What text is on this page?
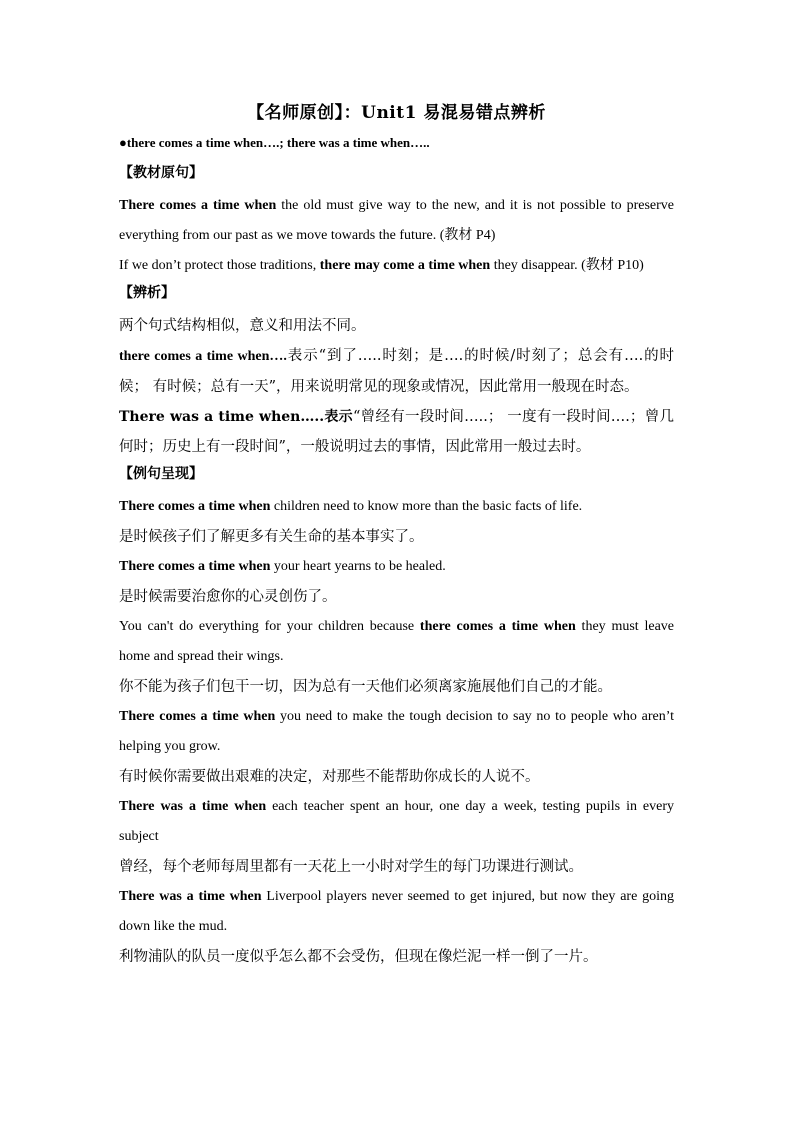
【名师原创】：Unit1 易混易错点辨析
●there comes a time when….; there was a time when…..
【教材原句】

There comes a time when the old must give way to the new, and it is not possible to preserve everything from our past as we move towards the future. (教材 P4)

If we don’t protect those traditions, there may come a time when they disappear. (教材 P10)

【辨析】

两个句式结构相似，意义和用法不同。

there comes a time when….表示“到了…..时刻；是….的时候/时刻了；总会有….的时候； 有时候；总有一天”，用来说明常见的现象或情况，因此常用一般现在时态。

There was a time when…..表示“曾经有一段时间…..； 一度有一段时间….；曾几何时；历史上有一段时间”，一般说明过去的事情，因此常用一般过去时。

【例句呈现】

There comes a time when children need to know more than the basic facts of life.

是时候孩子们了解更多有关生命的基本事实了。

There comes a time when your heart yearns to be healed.

是时候需要治愈你的心灵创伤了。

You can't do everything for your children because there comes a time when they must leave home and spread their wings.

你不能为孩子们包干一切，因为总有一天他们必须离家施展他们自己的才能。

There comes a time when you need to make the tough decision to say no to people who aren’t helping you grow.

有时候你需要做出艰难的决定，对那些不能帮助你成长的人说不。

There was a time when each teacher spent an hour, one day a week, testing pupils in every subject

曾经，每个老师每周里都有一天花上一小时对学生的每门功课进行测试。

There was a time when Liverpool players never seemed to get injured, but now they are going down like the mud.

利物浦队的队员一度似乎怎么都不会受伤，但现在像烂泥一样一倒了一片。
